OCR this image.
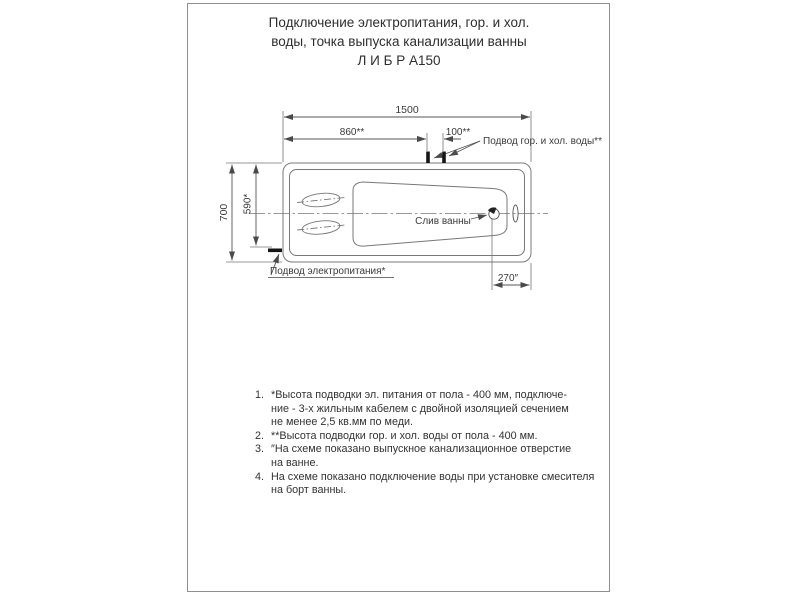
Подключение электропитания, гор. и хол.
воды, точка выпуска канализации ванны
Л И Б Р А150
1500
860**	100**
700 590*
270″
Подвод гор. и хол. воды**
Слив ванны
Подвод электропитания*
1. *Высота подводки эл. питания от пола - 400 мм, подключе-
ние - 3-х жильным кабелем с двойной изоляцией сечением
не менее 2,5 кв.мм по меди.
2. **Высота подводки гор. и хол. воды от пола - 400 мм.
3. ″На схеме показано выпускное канализационное отверстие
на ванне.
4. На схеме показано подключение воды при установке смесителя
на борт ванны.
